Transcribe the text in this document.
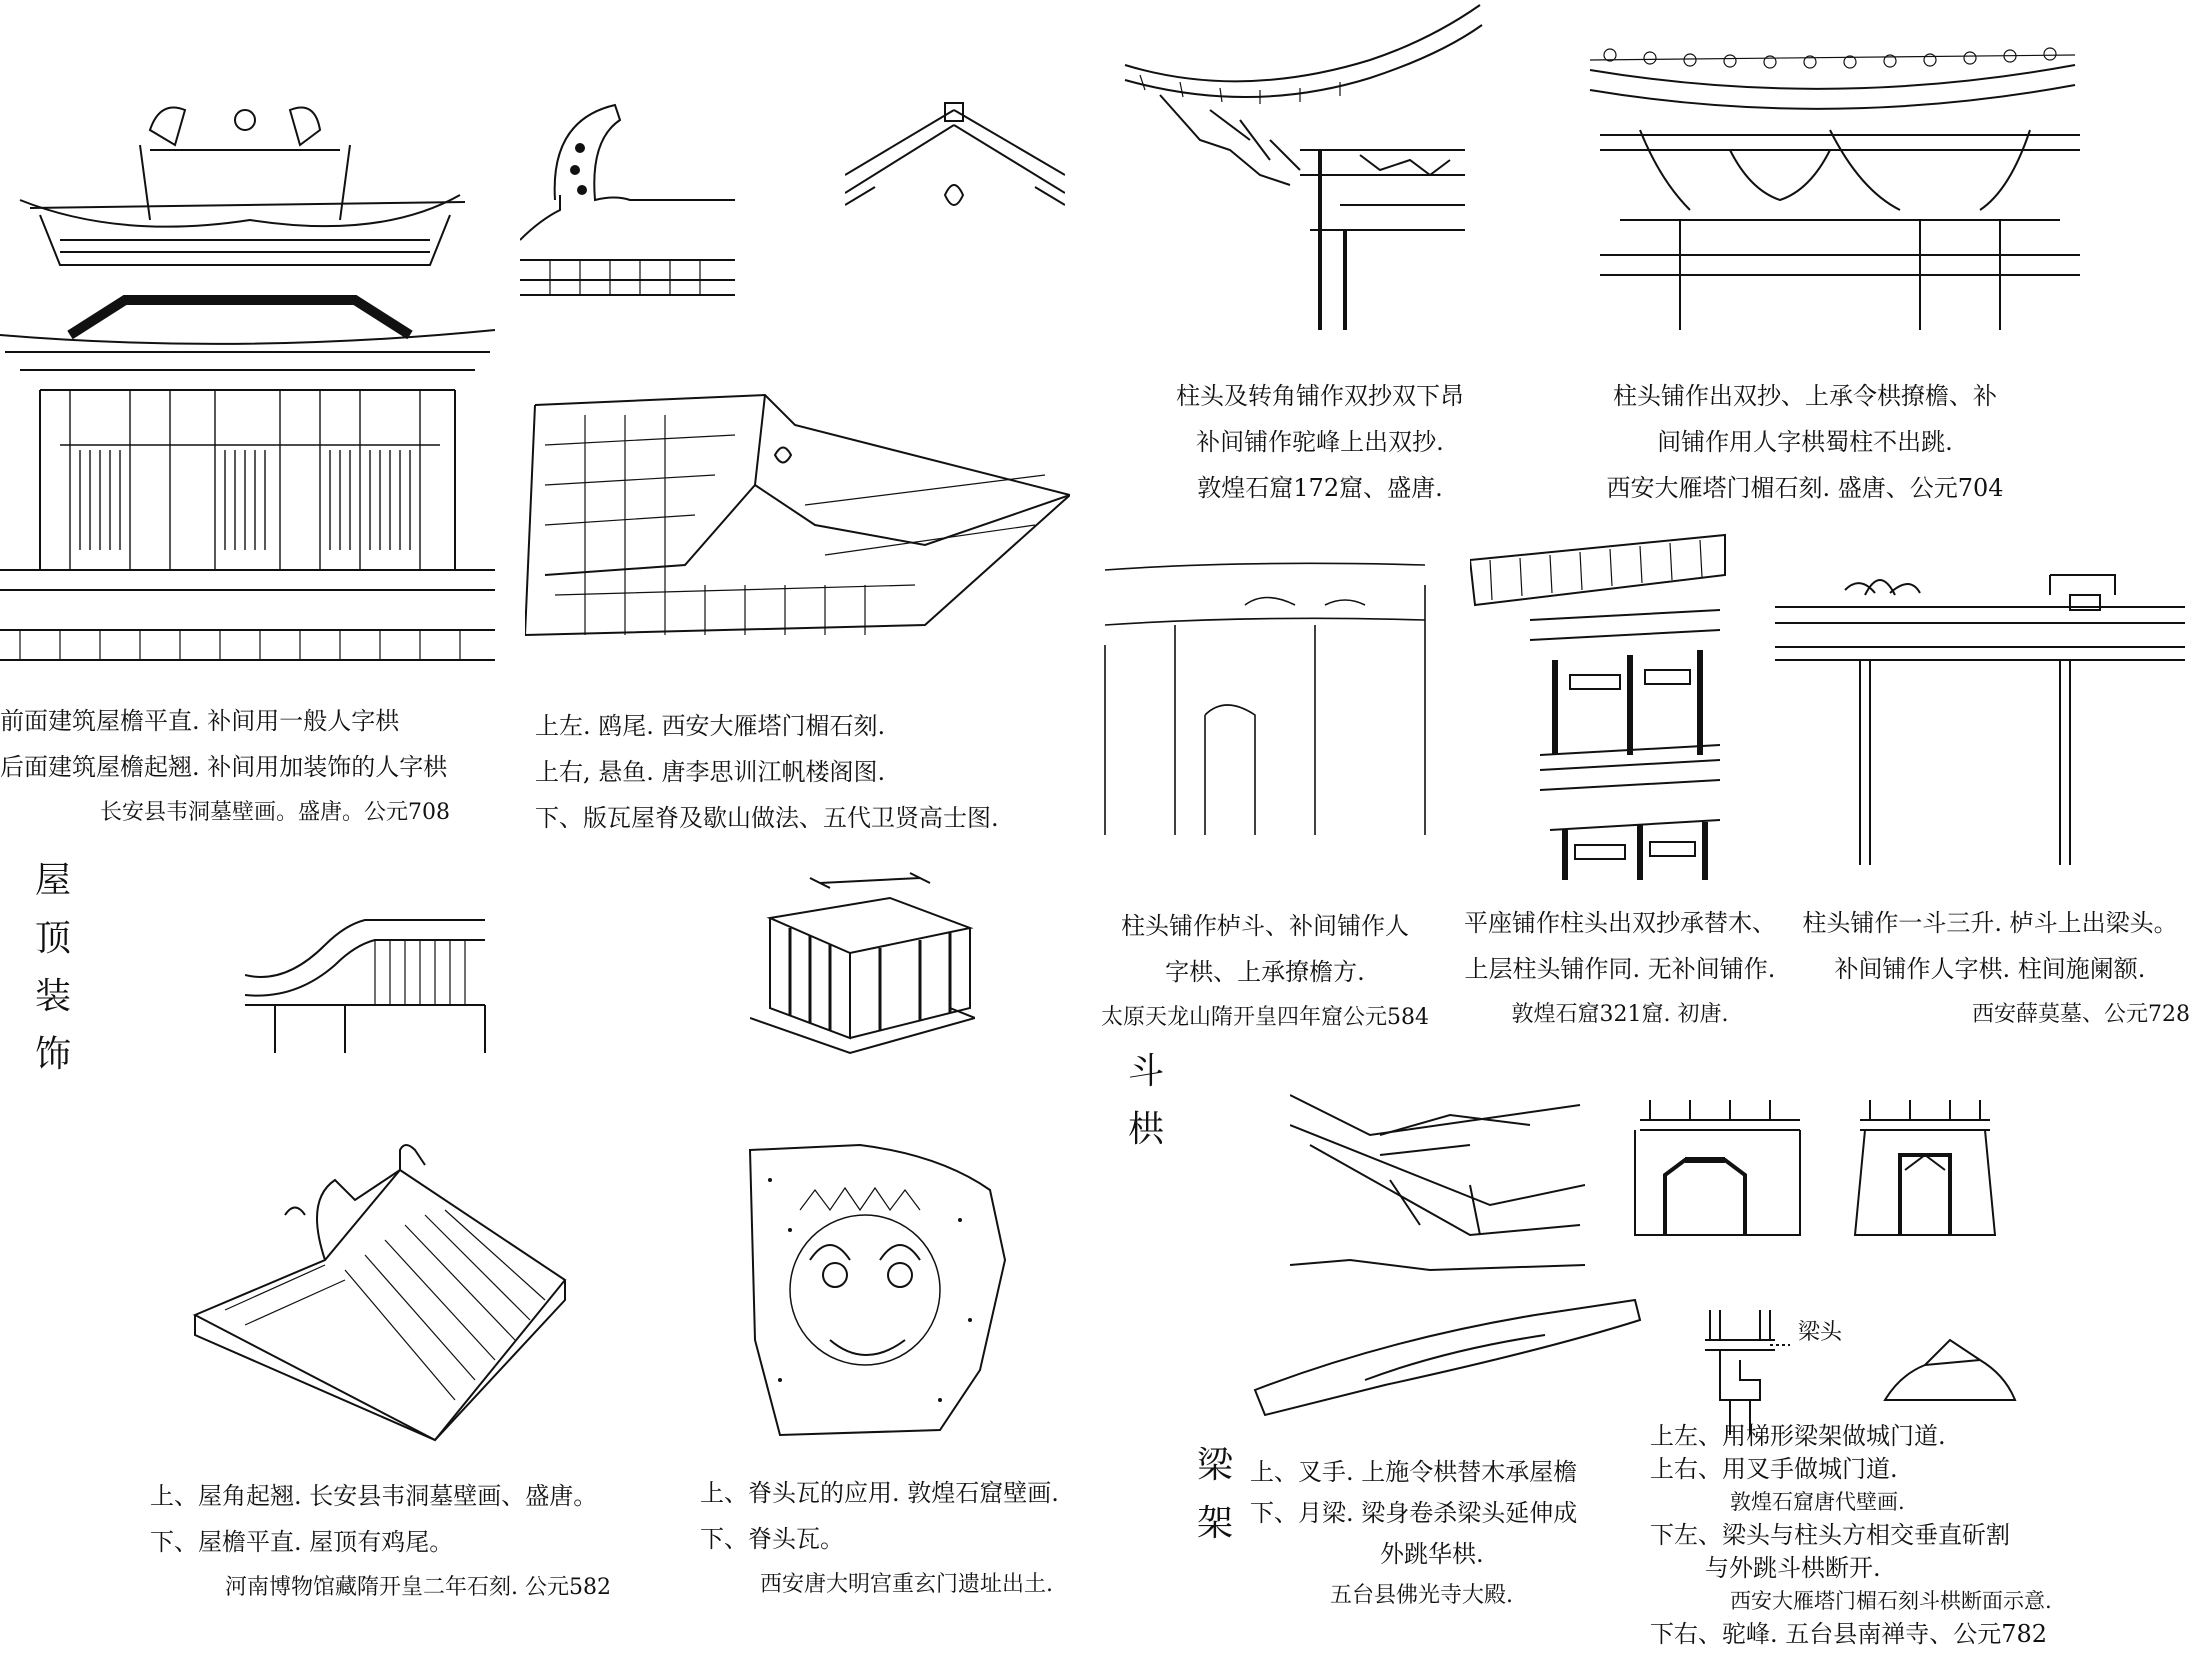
屋
顶
装
饰	斗
栱
梁
架
梁头
前面建筑屋檐平直. 补间用一般人字栱
后面建筑屋檐起翘. 补间用加装饰的人字栱
长安县韦洞墓壁画。盛唐。公元708
上左. 鸥尾. 西安大雁塔门楣石刻.
上右, 悬鱼. 唐李思训江帆楼阁图.
下、版瓦屋脊及歇山做法、五代卫贤高士图.
柱头及转角铺作双抄双下昂
补间铺作驼峰上出双抄.
敦煌石窟172窟、盛唐.
柱头铺作出双抄、上承令栱撩檐、补
间铺作用人字栱蜀柱不出跳.
西安大雁塔门楣石刻. 盛唐、公元704
柱头铺作栌斗、补间铺作人
字栱、上承撩檐方.
太原天龙山隋开皇四年窟公元584
平座铺作柱头出双抄承替木、
上层柱头铺作同. 无补间铺作.
敦煌石窟321窟. 初唐.
柱头铺作一斗三升. 栌斗上出梁头。
补间铺作人字栱. 柱间施阑额.
西安薛莫墓、公元728
上、屋角起翘. 长安县韦洞墓壁画、盛唐。
下、屋檐平直. 屋顶有鸡尾。
河南博物馆藏隋开皇二年石刻. 公元582
上、脊头瓦的应用. 敦煌石窟壁画.
下、脊头瓦。
西安唐大明宫重玄门遗址出土.
上、叉手. 上施令栱替木承屋檐
下、月梁. 梁身卷杀梁头延伸成
外跳华栱.
五台县佛光寺大殿.
上左、用梯形梁架做城门道.
上右、用叉手做城门道.
敦煌石窟唐代壁画.
下左、梁头与柱头方相交垂直斫割
与外跳斗栱断开.
西安大雁塔门楣石刻斗栱断面示意.
下右、驼峰. 五台县南禅寺、公元782
